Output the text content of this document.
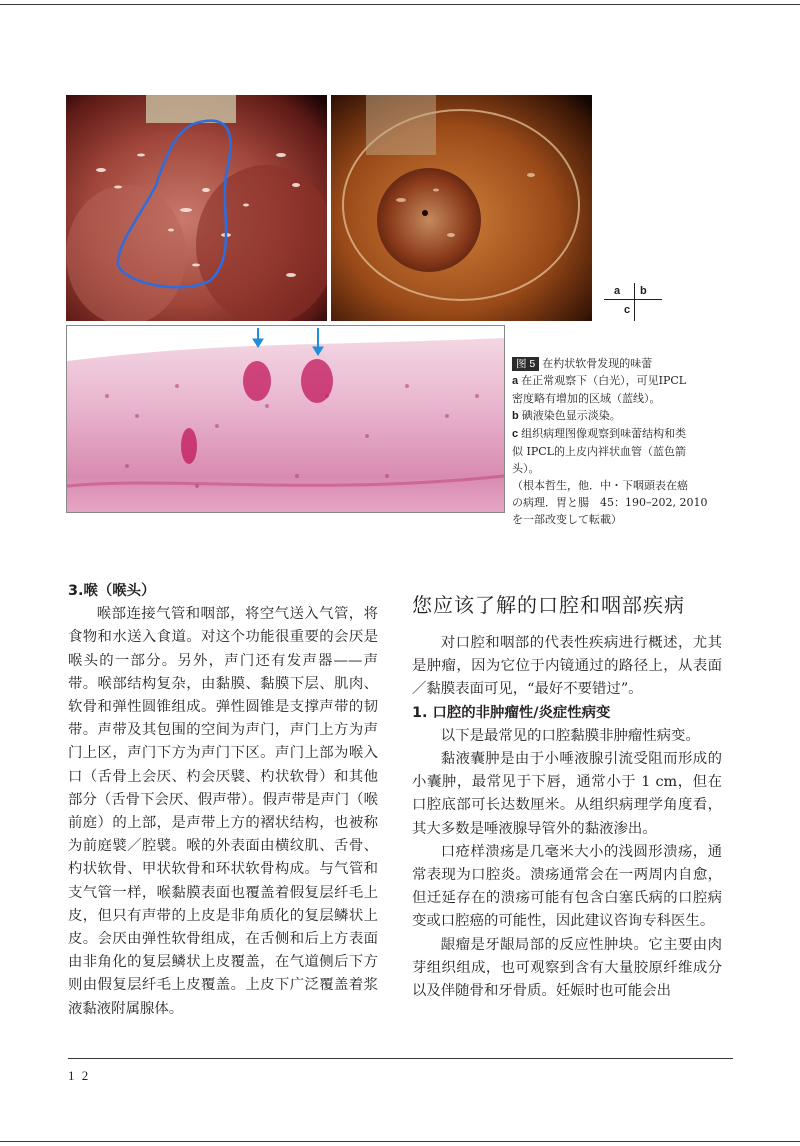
a b
c
图 5 在杓状软骨发现的味蕾
a 在正常观察下（白光），可见IPCL
密度略有增加的区域（蓝线）。
b 碘液染色显示淡染。
c 组织病理图像观察到味蕾结构和类
似 IPCL的上皮内袢状血管（蓝色箭
头）。
（根本哲生，他．中・下咽頭表在癌
の病理．胃と腸　45：190–202, 2010
を一部改变して転載）
3.喉（喉头）

喉部连接气管和咽部，将空气送入气管，将食物和水送入食道。对这个功能很重要的会厌是喉头的一部分。另外，声门还有发声器——声带。喉部结构复杂，由黏膜、黏膜下层、肌肉、软骨和弹性圆锥组成。弹性圆锥是支撑声带的韧带。声带及其包围的空间为声门，声门上方为声门上区，声门下方为声门下区。声门上部为喉入口（舌骨上会厌、杓会厌襞、杓状软骨）和其他部分（舌骨下会厌、假声带）。假声带是声门（喉前庭）的上部，是声带上方的褶状结构，也被称为前庭襞／腔襞。喉的外表面由横纹肌、舌骨、杓状软骨、甲状软骨和环状软骨构成。与气管和支气管一样，喉黏膜表面也覆盖着假复层纤毛上皮，但只有声带的上皮是非角质化的复层鳞状上皮。会厌由弹性软骨组成，在舌侧和后上方表面由非角化的复层鳞状上皮覆盖，在气道侧后下方则由假复层纤毛上皮覆盖。上皮下广泛覆盖着浆液黏液附属腺体。

您应该了解的口腔和咽部疾病

对口腔和咽部的代表性疾病进行概述，尤其是肿瘤，因为它位于内镜通过的路径上，从表面／黏膜表面可见，“最好不要错过”。

1. 口腔的非肿瘤性/炎症性病变

以下是最常见的口腔黏膜非肿瘤性病变。

黏液囊肿是由于小唾液腺引流受阻而形成的小囊肿，最常见于下唇，通常小于 1 cm，但在口腔底部可长达数厘米。从组织病理学角度看，其大多数是唾液腺导管外的黏液渗出。

口疮样溃疡是几毫米大小的浅圆形溃疡，通常表现为口腔炎。溃疡通常会在一两周内自愈，但迁延存在的溃疡可能有包含白塞氏病的口腔病变或口腔癌的可能性，因此建议咨询专科医生。

龈瘤是牙龈局部的反应性肿块。它主要由肉芽组织组成，也可观察到含有大量胶原纤维成分以及伴随骨和牙骨质。妊娠时也可能会出

1 2
